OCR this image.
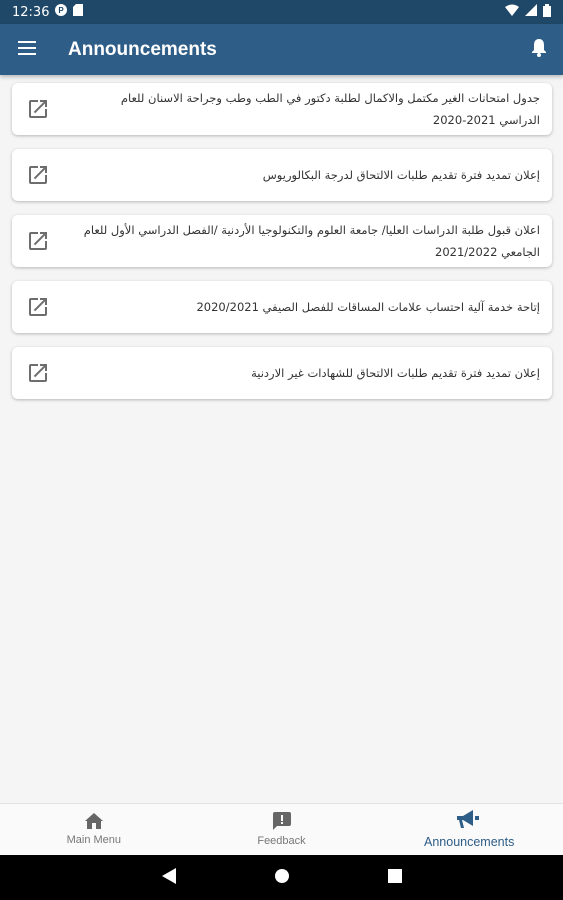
12:36 P
Announcements
جدول امتحانات الغير مكتمل والاكمال لطلبة دكتور في الطب وطب وجراحة الاسنان للعام الدراسي 2021-2020
إعلان تمديد فترة تقديم طلبات الالتحاق لدرجة البكالوريوس
اعلان قبول طلبة الدراسات العليا/ جامعة العلوم والتكنولوجيا الأردنية /الفصل الدراسي الأول للعام الجامعي 2021/2022
إتاحة خدمة آلية احتساب علامات المساقات للفصل الصيفي 2020/2021
إعلان تمديد فترة تقديم طلبات الالتحاق للشهادات غير الاردنية
Main Menu	Feedback	Announcements
